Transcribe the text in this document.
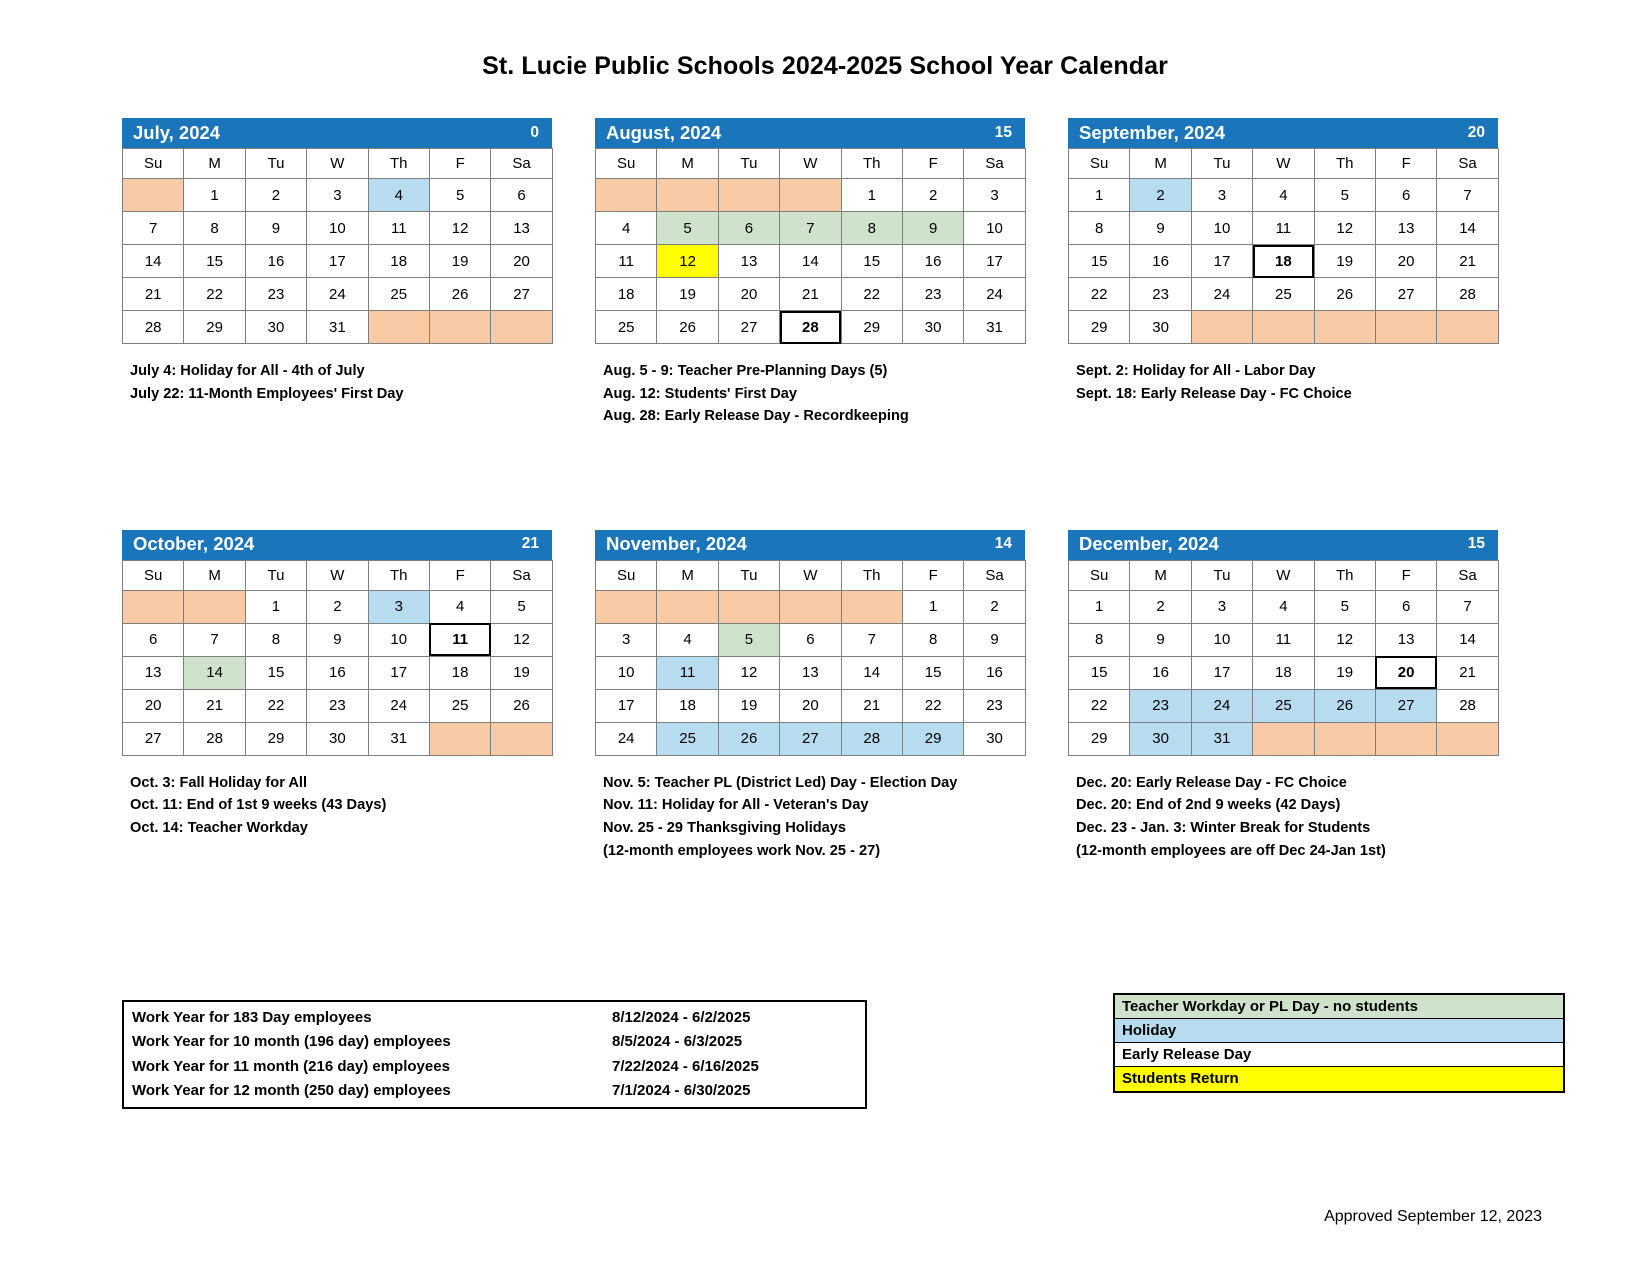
St. Lucie Public Schools 2024-2025 School Year Calendar
July, 2024	0
Su	M	Tu	W	Th	F	Sa
	1	2	3	4	5	6
7	8	9	10	11	12	13
14	15	16	17	18	19	20
21	22	23	24	25	26	27
28	29	30	31			
July 4: Holiday for All - 4th of July
July 22: 11-Month Employees' First Day
August, 2024	15
Su	M	Tu	W	Th	F	Sa
				1	2	3
4	5	6	7	8	9	10
11	12	13	14	15	16	17
18	19	20	21	22	23	24
25	26	27	28	29	30	31
Aug. 5 - 9: Teacher Pre-Planning Days (5)
Aug. 12: Students' First Day
Aug. 28: Early Release Day - Recordkeeping
September, 2024	20
Su	M	Tu	W	Th	F	Sa
1	2	3	4	5	6	7
8	9	10	11	12	13	14
15	16	17	18	19	20	21
22	23	24	25	26	27	28
29	30					
Sept. 2: Holiday for All - Labor Day
Sept. 18: Early Release Day - FC Choice
October, 2024	21
Su	M	Tu	W	Th	F	Sa
		1	2	3	4	5
6	7	8	9	10	11	12
13	14	15	16	17	18	19
20	21	22	23	24	25	26
27	28	29	30	31		
Oct. 3: Fall Holiday for All
Oct. 11: End of 1st 9 weeks (43 Days)
Oct. 14: Teacher Workday
November, 2024	14
Su	M	Tu	W	Th	F	Sa
					1	2
3	4	5	6	7	8	9
10	11	12	13	14	15	16
17	18	19	20	21	22	23
24	25	26	27	28	29	30
Nov. 5: Teacher PL (District Led) Day - Election Day
Nov. 11: Holiday for All - Veteran's Day
Nov. 25 - 29 Thanksgiving Holidays
(12-month employees work Nov. 25 - 27)
December, 2024	15
Su	M	Tu	W	Th	F	Sa
1	2	3	4	5	6	7
8	9	10	11	12	13	14
15	16	17	18	19	20	21
22	23	24	25	26	27	28
29	30	31				
Dec. 20: Early Release Day - FC Choice
Dec. 20: End of 2nd 9 weeks (42 Days)
Dec. 23 - Jan. 3: Winter Break for Students
(12-month employees are off Dec 24-Jan 1st)
Work Year for 183 Day employees	8/12/2024 - 6/2/2025
Work Year for 10 month (196 day) employees	8/5/2024 - 6/3/2025
Work Year for 11 month (216 day) employees	7/22/2024 - 6/16/2025
Work Year for 12 month (250 day) employees	7/1/2024 - 6/30/2025
Teacher Workday or PL Day - no students
Holiday
Early Release Day
Students Return
Approved September 12, 2023
